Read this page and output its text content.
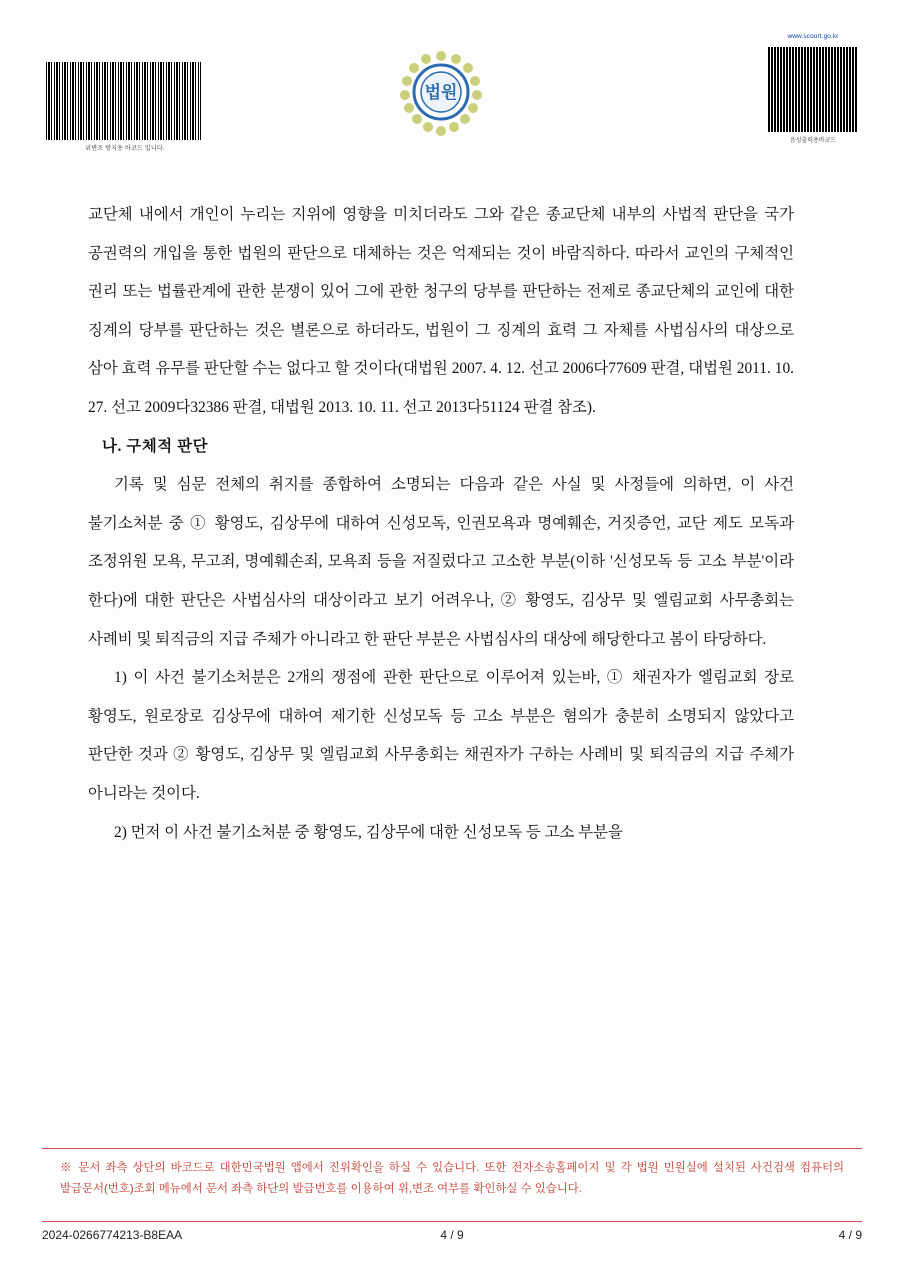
위변조 방지용 바코드 입니다.
법원
www.scourt.go.kr
음성출력용바코드

교단체 내에서 개인이 누리는 지위에 영향을 미치더라도 그와 같은 종교단체 내부의 사법적 판단을 국가 공권력의 개입을 통한 법원의 판단으로 대체하는 것은 억제되는 것이 바람직하다. 따라서 교인의 구체적인 권리 또는 법률관계에 관한 분쟁이 있어 그에 관한 청구의 당부를 판단하는 전제로 종교단체의 교인에 대한 징계의 당부를 판단하는 것은 별론으로 하더라도, 법원이 그 징계의 효력 그 자체를 사법심사의 대상으로 삼아 효력 유무를 판단할 수는 없다고 할 것이다(대법원 2007. 4. 12. 선고 2006다77609 판결, 대법원 2011. 10. 27. 선고 2009다32386 판결, 대법원 2013. 10. 11. 선고 2013다51124 판결 참조).

나. 구체적 판단

기록 및 심문 전체의 취지를 종합하여 소명되는 다음과 같은 사실 및 사정들에 의하면, 이 사건 불기소처분 중 ① 황영도, 김상무에 대하여 신성모독, 인권모욕과 명예훼손, 거짓증언, 교단 제도 모독과 조정위원 모욕, 무고죄, 명예훼손죄, 모욕죄 등을 저질렀다고 고소한 부분(이하 '신성모독 등 고소 부분'이라 한다)에 대한 판단은 사법심사의 대상이라고 보기 어려우나, ② 황영도, 김상무 및 엘림교회 사무총회는 사례비 및 퇴직금의 지급 주체가 아니라고 한 판단 부분은 사법심사의 대상에 해당한다고 봄이 타당하다.

1) 이 사건 불기소처분은 2개의 쟁점에 관한 판단으로 이루어져 있는바, ① 채권자가 엘림교회 장로 황영도, 원로장로 김상무에 대하여 제기한 신성모독 등 고소 부분은 혐의가 충분히 소명되지 않았다고 판단한 것과 ② 황영도, 김상무 및 엘림교회 사무총회는 채권자가 구하는 사례비 및 퇴직금의 지급 주체가 아니라는 것이다.

2) 먼저 이 사건 불기소처분 중 황영도, 김상무에 대한 신성모독 등 고소 부분을

※ 문서 좌측 상단의 바코드로 대한민국법원 앱에서 진위확인을 하실 수 있습니다. 또한 전자소송홈페이지 및 각 법원 민원실에 설치된 사건검색 컴퓨터의 발급문서(번호)조회 메뉴에서 문서 좌측 하단의 발급번호를 이용하여 위,변조 여부를 확인하실 수 있습니다.

2024-0266774213-B8EAA	4 / 9	4 / 9
